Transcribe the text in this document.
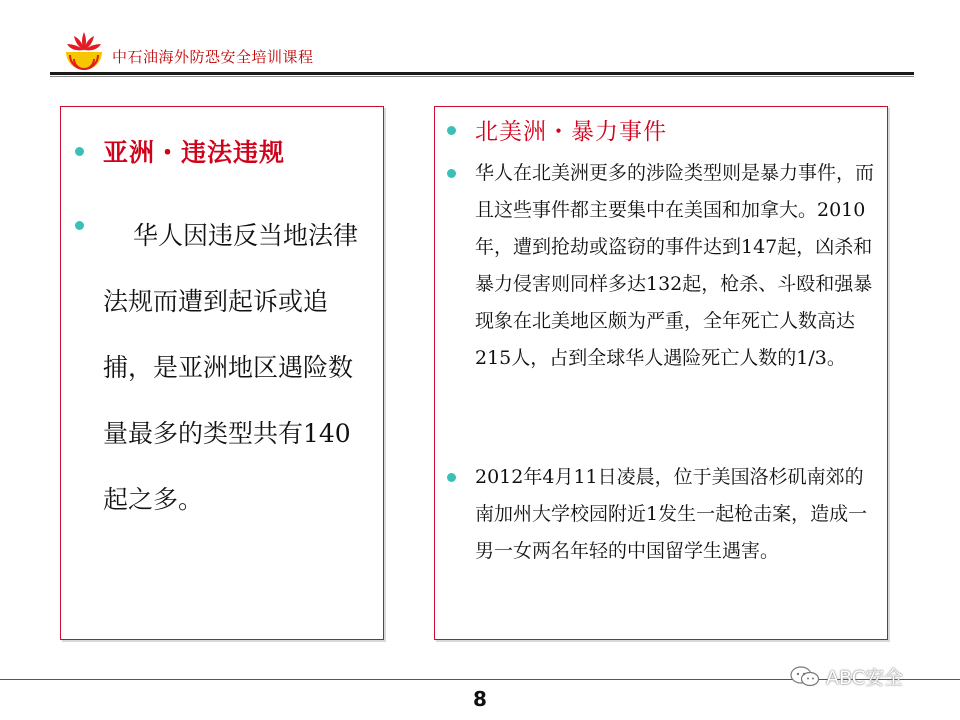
中石油海外防恐安全培训课程
亚洲・违法违规
华人因违反当地法律法规而遭到起诉或追捕，是亚洲地区遇险数量最多的类型共有140起之多。
北美洲・暴力事件

华人在北美洲更多的涉险类型则是暴力事件，而且这些事件都主要集中在美国和加拿大。2010年，遭到抢劫或盗窃的事件达到147起，凶杀和暴力侵害则同样多达132起，枪杀、斗殴和强暴现象在北美地区颇为严重，全年死亡人数高达215人，占到全球华人遇险死亡人数的1/3。

2012年4月11日凌晨，位于美国洛杉矶南郊的南加州大学校园附近1发生一起枪击案，造成一男一女两名年轻的中国留学生遇害。

8
ABC安全
